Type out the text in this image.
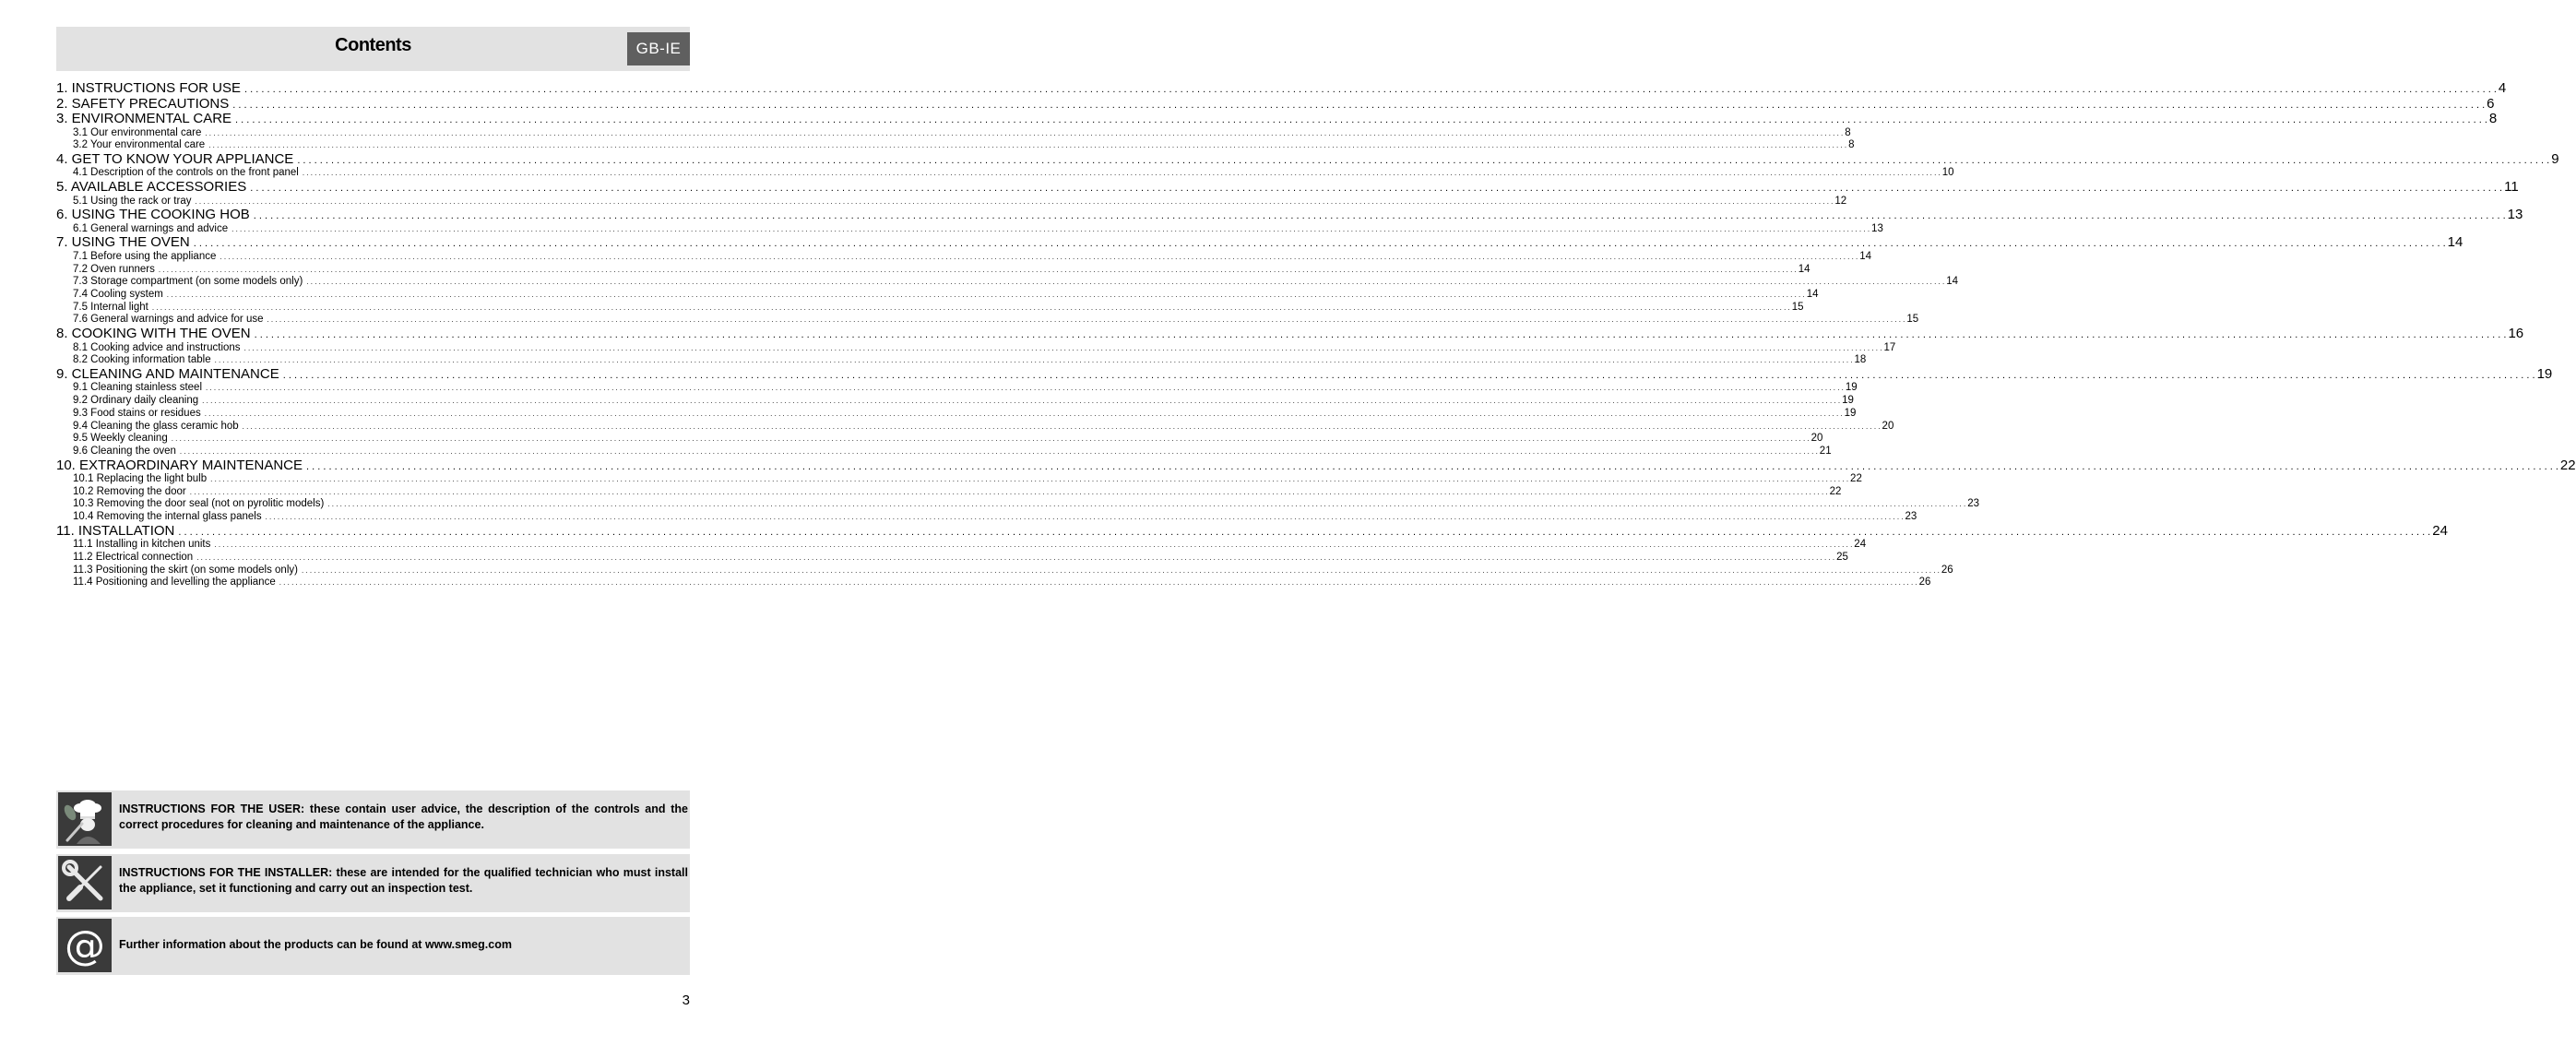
Contents	GB-IE
1. INSTRUCTIONS FOR USE . . . . . . . . . . . . . . . . . . . . . . . . . . . . . . . . . . . . . . . . . . . . . . . . . . . . . . . . . . . . . . . . . . . . . . . . . . . . . . . . . . . . . . . . . . . . . . . . . . . . . . . . . . . . . . . . . . . . . . . . . . . . . . . . . . . . . . . . . . . . . . . . . . . . . . . . . . . . . . . . . . . . . . . . . . . . . . . . . . . . . . . . . . . . . . . . . . . . . . . . . . . . . . . . . . . . . . . . . . . . . . . . . . . . . . . . . . . . . . . . . . . . . . . . . . . . . . . . . . . . . . . . . . . . . . . . . . . . . . . . . . . . . . . . . . . . . . . . . . . . . . . . . . . . . . . . . . . . . . . . . . . . . . . . . . . . . . . . . . . . . . . . . . . . . . . . . . . . . . . . . . . . . . . . . . . . . . . . . . . . . . . . . . . . . . . . . . . . . . . . 4
2. SAFETY PRECAUTIONS . . . . . . . . . . . . . . . . . . . . . . . . . . . . . . . . . . . . . . . . . . . . . . . . . . . . . . . . . . . . . . . . . . . . . . . . . . . . . . . . . . . . . . . . . . . . . . . . . . . . . . . . . . . . . . . . . . . . . . . . . . . . . . . . . . . . . . . . . . . . . . . . . . . . . . . . . . . . . . . . . . . . . . . . . . . . . . . . . . . . . . . . . . . . . . . . . . . . . . . . . . . . . . . . . . . . . . . . . . . . . . . . . . . . . . . . . . . . . . . . . . . . . . . . . . . . . . . . . . . . . . . . . . . . . . . . . . . . . . . . . . . . . . . . . . . . . . . . . . . . . . . . . . . . . . . . . . . . . . . . . . . . . . . . . . . . . . . . . . . . . . . . . . . . . . . . . . . . . . . . . . . . . . . . . . . . . . . . . . . . . . . . . . . . . . . . . . . . . . . . 6
3. ENVIRONMENTAL CARE . . . . . . . . . . . . . . . . . . . . . . . . . . . . . . . . . . . . . . . . . . . . . . . . . . . . . . . . . . . . . . . . . . . . . . . . . . . . . . . . . . . . . . . . . . . . . . . . . . . . . . . . . . . . . . . . . . . . . . . . . . . . . . . . . . . . . . . . . . . . . . . . . . . . . . . . . . . . . . . . . . . . . . . . . . . . . . . . . . . . . . . . . . . . . . . . . . . . . . . . . . . . . . . . . . . . . . . . . . . . . . . . . . . . . . . . . . . . . . . . . . . . . . . . . . . . . . . . . . . . . . . . . . . . . . . . . . . . . . . . . . . . . . . . . . . . . . . . . . . . . . . . . . . . . . . . . . . . . . . . . . . . . . . . . . . . . . . . . . . . . . . . . . . . . . . . . . . . . . . . . . . . . . . . . . . . . . . . . . . . . . . . . . . . . . . . . . . . . . . . 8
3.1 Our environmental care . . . . . . . . . . . . . . . . . . . . . . . . . . . . . . . . . . . . . . . . . . . . . . . . . . . . . . . . . . . . . . . . . . . . . . . . . . . . . . . . . . . . . . . . . . . . . . . . . . . . . . . . . . . . . . . . . . . . . . . . . . . . . . . . . . . . . . . . . . . . . . . . . . . . . . . . . . . . . . . . . . . . . . . . . . . . . . . . . . . . . . . . . . . . . . . . . . . . . . . . . . . . . . . . . . . . . . . . . . . . . . . . . . . . . . . . . . . . . . . . . . . . . . . . . . . . . . . . . . . . . . . . . . . . . . . . . . . . . . . . . . . . . . . . . . . . . . . . . . . . . . . . . . . . . . . . . . . . . . . . . . . . . . . . . . . . . . . . . . . . . . . . . . . . . . . . . . . . . . . . . . . . . . . . . . . . . . . . . . . . . . . . . . . . . . . . . . . . . . . . 8
3.2 Your environmental care . . . . . . . . . . . . . . . . . . . . . . . . . . . . . . . . . . . . . . . . . . . . . . . . . . . . . . . . . . . . . . . . . . . . . . . . . . . . . . . . . . . . . . . . . . . . . . . . . . . . . . . . . . . . . . . . . . . . . . . . . . . . . . . . . . . . . . . . . . . . . . . . . . . . . . . . . . . . . . . . . . . . . . . . . . . . . . . . . . . . . . . . . . . . . . . . . . . . . . . . . . . . . . . . . . . . . . . . . . . . . . . . . . . . . . . . . . . . . . . . . . . . . . . . . . . . . . . . . . . . . . . . . . . . . . . . . . . . . . . . . . . . . . . . . . . . . . . . . . . . . . . . . . . . . . . . . . . . . . . . . . . . . . . . . . . . . . . . . . . . . . . . . . . . . . . . . . . . . . . . . . . . . . . . . . . . . . . . . . . . . . . . . . . . . . . . . . . . . . . . 8
4. GET TO KNOW YOUR APPLIANCE . . . . . . . . . . . . . . . . . . . . . . . . . . . . . . . . . . . . . . . . . . . . . . . . . . . . . . . . . . . . . . . . . . . . . . . . . . . . . . . . . . . . . . . . . . . . . . . . . . . . . . . . . . . . . . . . . . . . . . . . . . . . . . . . . . . . . . . . . . . . . . . . . . . . . . . . . . . . . . . . . . . . . . . . . . . . . . . . . . . . . . . . . . . . . . . . . . . . . . . . . . . . . . . . . . . . . . . . . . . . . . . . . . . . . . . . . . . . . . . . . . . . . . . . . . . . . . . . . . . . . . . . . . . . . . . . . . . . . . . . . . . . . . . . . . . . . . . . . . . . . . . . . . . . . . . . . . . . . . . . . . . . . . . . . . . . . . . . . . . . . . . . . . . . . . . . . . . . . . . . . . . . . . . . . . . . . . . . . . . . . . . . . . . . . . . . . . . . . . . . 9
4.1 Description of the controls on the front panel . . . . . . . . . . . . . . . . . . . . . . . . . . . . . . . . . . . . . . . . . . . . . . . . . . . . . . . . . . . . . . . . . . . . . . . . . . . . . . . . . . . . . . . . . . . . . . . . . . . . . . . . . . . . . . . . . . . . . . . . . . . . . . . . . . . . . . . . . . . . . . . . . . . . . . . . . . . . . . . . . . . . . . . . . . . . . . . . . . . . . . . . . . . . . . . . . . . . . . . . . . . . . . . . . . . . . . . . . . . . . . . . . . . . . . . . . . . . . . . . . . . . . . . . . . . . . . . . . . . . . . . . . . . . . . . . . . . . . . . . . . . . . . . . . . . . . . . . . . . . . . . . . . . . . . . . . . . . . . . . . . . . . . . . . . . . . . . . . . . . . . . . . . . . . . . . . . . . . . . . . . . . . . . . . . . . . . . . . . . . . . . . . . . . . . . . . . . . . . . . 10
5. AVAILABLE ACCESSORIES . . . . . . . . . . . . . . . . . . . . . . . . . . . . . . . . . . . . . . . . . . . . . . . . . . . . . . . . . . . . . . . . . . . . . . . . . . . . . . . . . . . . . . . . . . . . . . . . . . . . . . . . . . . . . . . . . . . . . . . . . . . . . . . . . . . . . . . . . . . . . . . . . . . . . . . . . . . . . . . . . . . . . . . . . . . . . . . . . . . . . . . . . . . . . . . . . . . . . . . . . . . . . . . . . . . . . . . . . . . . . . . . . . . . . . . . . . . . . . . . . . . . . . . . . . . . . . . . . . . . . . . . . . . . . . . . . . . . . . . . . . . . . . . . . . . . . . . . . . . . . . . . . . . . . . . . . . . . . . . . . . . . . . . . . . . . . . . . . . . . . . . . . . . . . . . . . . . . . . . . . . . . . . . . . . . . . . . . . . . . . . . . . . . . . . . . . . . . . . . . 11
5.1 Using the rack or tray . . . . . . . . . . . . . . . . . . . . . . . . . . . . . . . . . . . . . . . . . . . . . . . . . . . . . . . . . . . . . . . . . . . . . . . . . . . . . . . . . . . . . . . . . . . . . . . . . . . . . . . . . . . . . . . . . . . . . . . . . . . . . . . . . . . . . . . . . . . . . . . . . . . . . . . . . . . . . . . . . . . . . . . . . . . . . . . . . . . . . . . . . . . . . . . . . . . . . . . . . . . . . . . . . . . . . . . . . . . . . . . . . . . . . . . . . . . . . . . . . . . . . . . . . . . . . . . . . . . . . . . . . . . . . . . . . . . . . . . . . . . . . . . . . . . . . . . . . . . . . . . . . . . . . . . . . . . . . . . . . . . . . . . . . . . . . . . . . . . . . . . . . . . . . . . . . . . . . . . . . . . . . . . . . . . . . . . . . . . . . . . . . . . . . . . . . . . . . . . . 12
6. USING THE COOKING HOB . . . . . . . . . . . . . . . . . . . . . . . . . . . . . . . . . . . . . . . . . . . . . . . . . . . . . . . . . . . . . . . . . . . . . . . . . . . . . . . . . . . . . . . . . . . . . . . . . . . . . . . . . . . . . . . . . . . . . . . . . . . . . . . . . . . . . . . . . . . . . . . . . . . . . . . . . . . . . . . . . . . . . . . . . . . . . . . . . . . . . . . . . . . . . . . . . . . . . . . . . . . . . . . . . . . . . . . . . . . . . . . . . . . . . . . . . . . . . . . . . . . . . . . . . . . . . . . . . . . . . . . . . . . . . . . . . . . . . . . . . . . . . . . . . . . . . . . . . . . . . . . . . . . . . . . . . . . . . . . . . . . . . . . . . . . . . . . . . . . . . . . . . . . . . . . . . . . . . . . . . . . . . . . . . . . . . . . . . . . . . . . . . . . . . . . . . . . . . . . . 13
6.1 General warnings and advice . . . . . . . . . . . . . . . . . . . . . . . . . . . . . . . . . . . . . . . . . . . . . . . . . . . . . . . . . . . . . . . . . . . . . . . . . . . . . . . . . . . . . . . . . . . . . . . . . . . . . . . . . . . . . . . . . . . . . . . . . . . . . . . . . . . . . . . . . . . . . . . . . . . . . . . . . . . . . . . . . . . . . . . . . . . . . . . . . . . . . . . . . . . . . . . . . . . . . . . . . . . . . . . . . . . . . . . . . . . . . . . . . . . . . . . . . . . . . . . . . . . . . . . . . . . . . . . . . . . . . . . . . . . . . . . . . . . . . . . . . . . . . . . . . . . . . . . . . . . . . . . . . . . . . . . . . . . . . . . . . . . . . . . . . . . . . . . . . . . . . . . . . . . . . . . . . . . . . . . . . . . . . . . . . . . . . . . . . . . . . . . . . . . . . . . . . . . . . . . . 13
7. USING THE OVEN . . . . . . . . . . . . . . . . . . . . . . . . . . . . . . . . . . . . . . . . . . . . . . . . . . . . . . . . . . . . . . . . . . . . . . . . . . . . . . . . . . . . . . . . . . . . . . . . . . . . . . . . . . . . . . . . . . . . . . . . . . . . . . . . . . . . . . . . . . . . . . . . . . . . . . . . . . . . . . . . . . . . . . . . . . . . . . . . . . . . . . . . . . . . . . . . . . . . . . . . . . . . . . . . . . . . . . . . . . . . . . . . . . . . . . . . . . . . . . . . . . . . . . . . . . . . . . . . . . . . . . . . . . . . . . . . . . . . . . . . . . . . . . . . . . . . . . . . . . . . . . . . . . . . . . . . . . . . . . . . . . . . . . . . . . . . . . . . . . . . . . . . . . . . . . . . . . . . . . . . . . . . . . . . . . . . . . . . . . . . . . . . . . . . . . . . . . . . . . . . 14
7.1 Before using the appliance . . . . . . . . . . . . . . . . . . . . . . . . . . . . . . . . . . . . . . . . . . . . . . . . . . . . . . . . . . . . . . . . . . . . . . . . . . . . . . . . . . . . . . . . . . . . . . . . . . . . . . . . . . . . . . . . . . . . . . . . . . . . . . . . . . . . . . . . . . . . . . . . . . . . . . . . . . . . . . . . . . . . . . . . . . . . . . . . . . . . . . . . . . . . . . . . . . . . . . . . . . . . . . . . . . . . . . . . . . . . . . . . . . . . . . . . . . . . . . . . . . . . . . . . . . . . . . . . . . . . . . . . . . . . . . . . . . . . . . . . . . . . . . . . . . . . . . . . . . . . . . . . . . . . . . . . . . . . . . . . . . . . . . . . . . . . . . . . . . . . . . . . . . . . . . . . . . . . . . . . . . . . . . . . . . . . . . . . . . . . . . . . . . . . . . . . . . . . . . . . 14
7.2 Oven runners . . . . . . . . . . . . . . . . . . . . . . . . . . . . . . . . . . . . . . . . . . . . . . . . . . . . . . . . . . . . . . . . . . . . . . . . . . . . . . . . . . . . . . . . . . . . . . . . . . . . . . . . . . . . . . . . . . . . . . . . . . . . . . . . . . . . . . . . . . . . . . . . . . . . . . . . . . . . . . . . . . . . . . . . . . . . . . . . . . . . . . . . . . . . . . . . . . . . . . . . . . . . . . . . . . . . . . . . . . . . . . . . . . . . . . . . . . . . . . . . . . . . . . . . . . . . . . . . . . . . . . . . . . . . . . . . . . . . . . . . . . . . . . . . . . . . . . . . . . . . . . . . . . . . . . . . . . . . . . . . . . . . . . . . . . . . . . . . . . . . . . . . . . . . . . . . . . . . . . . . . . . . . . . . . . . . . . . . . . . . . . . . . . . . . . . . . . . . . . . . 14
7.3 Storage compartment (on some models only) . . . . . . . . . . . . . . . . . . . . . . . . . . . . . . . . . . . . . . . . . . . . . . . . . . . . . . . . . . . . . . . . . . . . . . . . . . . . . . . . . . . . . . . . . . . . . . . . . . . . . . . . . . . . . . . . . . . . . . . . . . . . . . . . . . . . . . . . . . . . . . . . . . . . . . . . . . . . . . . . . . . . . . . . . . . . . . . . . . . . . . . . . . . . . . . . . . . . . . . . . . . . . . . . . . . . . . . . . . . . . . . . . . . . . . . . . . . . . . . . . . . . . . . . . . . . . . . . . . . . . . . . . . . . . . . . . . . . . . . . . . . . . . . . . . . . . . . . . . . . . . . . . . . . . . . . . . . . . . . . . . . . . . . . . . . . . . . . . . . . . . . . . . . . . . . . . . . . . . . . . . . . . . . . . . . . . . . . . . . . . . . . . . . . . . . . . . . . . . . . 14
7.4 Cooling system . . . . . . . . . . . . . . . . . . . . . . . . . . . . . . . . . . . . . . . . . . . . . . . . . . . . . . . . . . . . . . . . . . . . . . . . . . . . . . . . . . . . . . . . . . . . . . . . . . . . . . . . . . . . . . . . . . . . . . . . . . . . . . . . . . . . . . . . . . . . . . . . . . . . . . . . . . . . . . . . . . . . . . . . . . . . . . . . . . . . . . . . . . . . . . . . . . . . . . . . . . . . . . . . . . . . . . . . . . . . . . . . . . . . . . . . . . . . . . . . . . . . . . . . . . . . . . . . . . . . . . . . . . . . . . . . . . . . . . . . . . . . . . . . . . . . . . . . . . . . . . . . . . . . . . . . . . . . . . . . . . . . . . . . . . . . . . . . . . . . . . . . . . . . . . . . . . . . . . . . . . . . . . . . . . . . . . . . . . . . . . . . . . . . . . . . . . . . . . . . 14
7.5 Internal light . . . . . . . . . . . . . . . . . . . . . . . . . . . . . . . . . . . . . . . . . . . . . . . . . . . . . . . . . . . . . . . . . . . . . . . . . . . . . . . . . . . . . . . . . . . . . . . . . . . . . . . . . . . . . . . . . . . . . . . . . . . . . . . . . . . . . . . . . . . . . . . . . . . . . . . . . . . . . . . . . . . . . . . . . . . . . . . . . . . . . . . . . . . . . . . . . . . . . . . . . . . . . . . . . . . . . . . . . . . . . . . . . . . . . . . . . . . . . . . . . . . . . . . . . . . . . . . . . . . . . . . . . . . . . . . . . . . . . . . . . . . . . . . . . . . . . . . . . . . . . . . . . . . . . . . . . . . . . . . . . . . . . . . . . . . . . . . . . . . . . . . . . . . . . . . . . . . . . . . . . . . . . . . . . . . . . . . . . . . . . . . . . . . . . . . . . . . . . . . . 15
7.6 General warnings and advice for use . . . . . . . . . . . . . . . . . . . . . . . . . . . . . . . . . . . . . . . . . . . . . . . . . . . . . . . . . . . . . . . . . . . . . . . . . . . . . . . . . . . . . . . . . . . . . . . . . . . . . . . . . . . . . . . . . . . . . . . . . . . . . . . . . . . . . . . . . . . . . . . . . . . . . . . . . . . . . . . . . . . . . . . . . . . . . . . . . . . . . . . . . . . . . . . . . . . . . . . . . . . . . . . . . . . . . . . . . . . . . . . . . . . . . . . . . . . . . . . . . . . . . . . . . . . . . . . . . . . . . . . . . . . . . . . . . . . . . . . . . . . . . . . . . . . . . . . . . . . . . . . . . . . . . . . . . . . . . . . . . . . . . . . . . . . . . . . . . . . . . . . . . . . . . . . . . . . . . . . . . . . . . . . . . . . . . . . . . . . . . . . . . . . . . . . . . . . . . . . . 15
8. COOKING WITH THE OVEN . . . . . . . . . . . . . . . . . . . . . . . . . . . . . . . . . . . . . . . . . . . . . . . . . . . . . . . . . . . . . . . . . . . . . . . . . . . . . . . . . . . . . . . . . . . . . . . . . . . . . . . . . . . . . . . . . . . . . . . . . . . . . . . . . . . . . . . . . . . . . . . . . . . . . . . . . . . . . . . . . . . . . . . . . . . . . . . . . . . . . . . . . . . . . . . . . . . . . . . . . . . . . . . . . . . . . . . . . . . . . . . . . . . . . . . . . . . . . . . . . . . . . . . . . . . . . . . . . . . . . . . . . . . . . . . . . . . . . . . . . . . . . . . . . . . . . . . . . . . . . . . . . . . . . . . . . . . . . . . . . . . . . . . . . . . . . . . . . . . . . . . . . . . . . . . . . . . . . . . . . . . . . . . . . . . . . . . . . . . . . . . . . . . . . . . . . . . . . . . . 16
8.1 Cooking advice and instructions . . . . . . . . . . . . . . . . . . . . . . . . . . . . . . . . . . . . . . . . . . . . . . . . . . . . . . . . . . . . . . . . . . . . . . . . . . . . . . . . . . . . . . . . . . . . . . . . . . . . . . . . . . . . . . . . . . . . . . . . . . . . . . . . . . . . . . . . . . . . . . . . . . . . . . . . . . . . . . . . . . . . . . . . . . . . . . . . . . . . . . . . . . . . . . . . . . . . . . . . . . . . . . . . . . . . . . . . . . . . . . . . . . . . . . . . . . . . . . . . . . . . . . . . . . . . . . . . . . . . . . . . . . . . . . . . . . . . . . . . . . . . . . . . . . . . . . . . . . . . . . . . . . . . . . . . . . . . . . . . . . . . . . . . . . . . . . . . . . . . . . . . . . . . . . . . . . . . . . . . . . . . . . . . . . . . . . . . . . . . . . . . . . . . . . . . . . . . . . . . 17
8.2 Cooking information table . . . . . . . . . . . . . . . . . . . . . . . . . . . . . . . . . . . . . . . . . . . . . . . . . . . . . . . . . . . . . . . . . . . . . . . . . . . . . . . . . . . . . . . . . . . . . . . . . . . . . . . . . . . . . . . . . . . . . . . . . . . . . . . . . . . . . . . . . . . . . . . . . . . . . . . . . . . . . . . . . . . . . . . . . . . . . . . . . . . . . . . . . . . . . . . . . . . . . . . . . . . . . . . . . . . . . . . . . . . . . . . . . . . . . . . . . . . . . . . . . . . . . . . . . . . . . . . . . . . . . . . . . . . . . . . . . . . . . . . . . . . . . . . . . . . . . . . . . . . . . . . . . . . . . . . . . . . . . . . . . . . . . . . . . . . . . . . . . . . . . . . . . . . . . . . . . . . . . . . . . . . . . . . . . . . . . . . . . . . . . . . . . . . . . . . . . . . . . . . . 18
9. CLEANING AND MAINTENANCE . . . . . . . . . . . . . . . . . . . . . . . . . . . . . . . . . . . . . . . . . . . . . . . . . . . . . . . . . . . . . . . . . . . . . . . . . . . . . . . . . . . . . . . . . . . . . . . . . . . . . . . . . . . . . . . . . . . . . . . . . . . . . . . . . . . . . . . . . . . . . . . . . . . . . . . . . . . . . . . . . . . . . . . . . . . . . . . . . . . . . . . . . . . . . . . . . . . . . . . . . . . . . . . . . . . . . . . . . . . . . . . . . . . . . . . . . . . . . . . . . . . . . . . . . . . . . . . . . . . . . . . . . . . . . . . . . . . . . . . . . . . . . . . . . . . . . . . . . . . . . . . . . . . . . . . . . . . . . . . . . . . . . . . . . . . . . . . . . . . . . . . . . . . . . . . . . . . . . . . . . . . . . . . . . . . . . . . . . . . . . . . . . . . . . . . . . . . . . . . . 19
9.1 Cleaning stainless steel . . . . . . . . . . . . . . . . . . . . . . . . . . . . . . . . . . . . . . . . . . . . . . . . . . . . . . . . . . . . . . . . . . . . . . . . . . . . . . . . . . . . . . . . . . . . . . . . . . . . . . . . . . . . . . . . . . . . . . . . . . . . . . . . . . . . . . . . . . . . . . . . . . . . . . . . . . . . . . . . . . . . . . . . . . . . . . . . . . . . . . . . . . . . . . . . . . . . . . . . . . . . . . . . . . . . . . . . . . . . . . . . . . . . . . . . . . . . . . . . . . . . . . . . . . . . . . . . . . . . . . . . . . . . . . . . . . . . . . . . . . . . . . . . . . . . . . . . . . . . . . . . . . . . . . . . . . . . . . . . . . . . . . . . . . . . . . . . . . . . . . . . . . . . . . . . . . . . . . . . . . . . . . . . . . . . . . . . . . . . . . . . . . . . . . . . . . . . . . . . 19
9.2 Ordinary daily cleaning . . . . . . . . . . . . . . . . . . . . . . . . . . . . . . . . . . . . . . . . . . . . . . . . . . . . . . . . . . . . . . . . . . . . . . . . . . . . . . . . . . . . . . . . . . . . . . . . . . . . . . . . . . . . . . . . . . . . . . . . . . . . . . . . . . . . . . . . . . . . . . . . . . . . . . . . . . . . . . . . . . . . . . . . . . . . . . . . . . . . . . . . . . . . . . . . . . . . . . . . . . . . . . . . . . . . . . . . . . . . . . . . . . . . . . . . . . . . . . . . . . . . . . . . . . . . . . . . . . . . . . . . . . . . . . . . . . . . . . . . . . . . . . . . . . . . . . . . . . . . . . . . . . . . . . . . . . . . . . . . . . . . . . . . . . . . . . . . . . . . . . . . . . . . . . . . . . . . . . . . . . . . . . . . . . . . . . . . . . . . . . . . . . . . . . . . . . . . . . . . 19
9.3 Food stains or residues . . . . . . . . . . . . . . . . . . . . . . . . . . . . . . . . . . . . . . . . . . . . . . . . . . . . . . . . . . . . . . . . . . . . . . . . . . . . . . . . . . . . . . . . . . . . . . . . . . . . . . . . . . . . . . . . . . . . . . . . . . . . . . . . . . . . . . . . . . . . . . . . . . . . . . . . . . . . . . . . . . . . . . . . . . . . . . . . . . . . . . . . . . . . . . . . . . . . . . . . . . . . . . . . . . . . . . . . . . . . . . . . . . . . . . . . . . . . . . . . . . . . . . . . . . . . . . . . . . . . . . . . . . . . . . . . . . . . . . . . . . . . . . . . . . . . . . . . . . . . . . . . . . . . . . . . . . . . . . . . . . . . . . . . . . . . . . . . . . . . . . . . . . . . . . . . . . . . . . . . . . . . . . . . . . . . . . . . . . . . . . . . . . . . . . . . . . . . . . . . 19
9.4 Cleaning the glass ceramic hob . . . . . . . . . . . . . . . . . . . . . . . . . . . . . . . . . . . . . . . . . . . . . . . . . . . . . . . . . . . . . . . . . . . . . . . . . . . . . . . . . . . . . . . . . . . . . . . . . . . . . . . . . . . . . . . . . . . . . . . . . . . . . . . . . . . . . . . . . . . . . . . . . . . . . . . . . . . . . . . . . . . . . . . . . . . . . . . . . . . . . . . . . . . . . . . . . . . . . . . . . . . . . . . . . . . . . . . . . . . . . . . . . . . . . . . . . . . . . . . . . . . . . . . . . . . . . . . . . . . . . . . . . . . . . . . . . . . . . . . . . . . . . . . . . . . . . . . . . . . . . . . . . . . . . . . . . . . . . . . . . . . . . . . . . . . . . . . . . . . . . . . . . . . . . . . . . . . . . . . . . . . . . . . . . . . . . . . . . . . . . . . . . . . . . . . . . . . . . . . . 20
9.5 Weekly cleaning . . . . . . . . . . . . . . . . . . . . . . . . . . . . . . . . . . . . . . . . . . . . . . . . . . . . . . . . . . . . . . . . . . . . . . . . . . . . . . . . . . . . . . . . . . . . . . . . . . . . . . . . . . . . . . . . . . . . . . . . . . . . . . . . . . . . . . . . . . . . . . . . . . . . . . . . . . . . . . . . . . . . . . . . . . . . . . . . . . . . . . . . . . . . . . . . . . . . . . . . . . . . . . . . . . . . . . . . . . . . . . . . . . . . . . . . . . . . . . . . . . . . . . . . . . . . . . . . . . . . . . . . . . . . . . . . . . . . . . . . . . . . . . . . . . . . . . . . . . . . . . . . . . . . . . . . . . . . . . . . . . . . . . . . . . . . . . . . . . . . . . . . . . . . . . . . . . . . . . . . . . . . . . . . . . . . . . . . . . . . . . . . . . . . . . . . . . . . . . . . 20
9.6 Cleaning the oven . . . . . . . . . . . . . . . . . . . . . . . . . . . . . . . . . . . . . . . . . . . . . . . . . . . . . . . . . . . . . . . . . . . . . . . . . . . . . . . . . . . . . . . . . . . . . . . . . . . . . . . . . . . . . . . . . . . . . . . . . . . . . . . . . . . . . . . . . . . . . . . . . . . . . . . . . . . . . . . . . . . . . . . . . . . . . . . . . . . . . . . . . . . . . . . . . . . . . . . . . . . . . . . . . . . . . . . . . . . . . . . . . . . . . . . . . . . . . . . . . . . . . . . . . . . . . . . . . . . . . . . . . . . . . . . . . . . . . . . . . . . . . . . . . . . . . . . . . . . . . . . . . . . . . . . . . . . . . . . . . . . . . . . . . . . . . . . . . . . . . . . . . . . . . . . . . . . . . . . . . . . . . . . . . . . . . . . . . . . . . . . . . . . . . . . . . . . . . . . . 21
10. EXTRAORDINARY MAINTENANCE . . . . . . . . . . . . . . . . . . . . . . . . . . . . . . . . . . . . . . . . . . . . . . . . . . . . . . . . . . . . . . . . . . . . . . . . . . . . . . . . . . . . . . . . . . . . . . . . . . . . . . . . . . . . . . . . . . . . . . . . . . . . . . . . . . . . . . . . . . . . . . . . . . . . . . . . . . . . . . . . . . . . . . . . . . . . . . . . . . . . . . . . . . . . . . . . . . . . . . . . . . . . . . . . . . . . . . . . . . . . . . . . . . . . . . . . . . . . . . . . . . . . . . . . . . . . . . . . . . . . . . . . . . . . . . . . . . . . . . . . . . . . . . . . . . . . . . . . . . . . . . . . . . . . . . . . . . . . . . . . . . . . . . . . . . . . . . . . . . . . . . . . . . . . . . . . . . . . . . . . . . . . . . . . . . . . . . . . . . . . . . . . . . . . . . . . . . . . . . . . 22
10.1 Replacing the light bulb . . . . . . . . . . . . . . . . . . . . . . . . . . . . . . . . . . . . . . . . . . . . . . . . . . . . . . . . . . . . . . . . . . . . . . . . . . . . . . . . . . . . . . . . . . . . . . . . . . . . . . . . . . . . . . . . . . . . . . . . . . . . . . . . . . . . . . . . . . . . . . . . . . . . . . . . . . . . . . . . . . . . . . . . . . . . . . . . . . . . . . . . . . . . . . . . . . . . . . . . . . . . . . . . . . . . . . . . . . . . . . . . . . . . . . . . . . . . . . . . . . . . . . . . . . . . . . . . . . . . . . . . . . . . . . . . . . . . . . . . . . . . . . . . . . . . . . . . . . . . . . . . . . . . . . . . . . . . . . . . . . . . . . . . . . . . . . . . . . . . . . . . . . . . . . . . . . . . . . . . . . . . . . . . . . . . . . . . . . . . . . . . . . . . . . . . . . . . . . . . 22
10.2 Removing the door . . . . . . . . . . . . . . . . . . . . . . . . . . . . . . . . . . . . . . . . . . . . . . . . . . . . . . . . . . . . . . . . . . . . . . . . . . . . . . . . . . . . . . . . . . . . . . . . . . . . . . . . . . . . . . . . . . . . . . . . . . . . . . . . . . . . . . . . . . . . . . . . . . . . . . . . . . . . . . . . . . . . . . . . . . . . . . . . . . . . . . . . . . . . . . . . . . . . . . . . . . . . . . . . . . . . . . . . . . . . . . . . . . . . . . . . . . . . . . . . . . . . . . . . . . . . . . . . . . . . . . . . . . . . . . . . . . . . . . . . . . . . . . . . . . . . . . . . . . . . . . . . . . . . . . . . . . . . . . . . . . . . . . . . . . . . . . . . . . . . . . . . . . . . . . . . . . . . . . . . . . . . . . . . . . . . . . . . . . . . . . . . . . . . . . . . . . . . . . . . 22
10.3 Removing the door seal (not on pyrolitic models) . . . . . . . . . . . . . . . . . . . . . . . . . . . . . . . . . . . . . . . . . . . . . . . . . . . . . . . . . . . . . . . . . . . . . . . . . . . . . . . . . . . . . . . . . . . . . . . . . . . . . . . . . . . . . . . . . . . . . . . . . . . . . . . . . . . . . . . . . . . . . . . . . . . . . . . . . . . . . . . . . . . . . . . . . . . . . . . . . . . . . . . . . . . . . . . . . . . . . . . . . . . . . . . . . . . . . . . . . . . . . . . . . . . . . . . . . . . . . . . . . . . . . . . . . . . . . . . . . . . . . . . . . . . . . . . . . . . . . . . . . . . . . . . . . . . . . . . . . . . . . . . . . . . . . . . . . . . . . . . . . . . . . . . . . . . . . . . . . . . . . . . . . . . . . . . . . . . . . . . . . . . . . . . . . . . . . . . . . . . . . . . . . . . . . . . . . . . . . . . . 23
10.4 Removing the internal glass panels . . . . . . . . . . . . . . . . . . . . . . . . . . . . . . . . . . . . . . . . . . . . . . . . . . . . . . . . . . . . . . . . . . . . . . . . . . . . . . . . . . . . . . . . . . . . . . . . . . . . . . . . . . . . . . . . . . . . . . . . . . . . . . . . . . . . . . . . . . . . . . . . . . . . . . . . . . . . . . . . . . . . . . . . . . . . . . . . . . . . . . . . . . . . . . . . . . . . . . . . . . . . . . . . . . . . . . . . . . . . . . . . . . . . . . . . . . . . . . . . . . . . . . . . . . . . . . . . . . . . . . . . . . . . . . . . . . . . . . . . . . . . . . . . . . . . . . . . . . . . . . . . . . . . . . . . . . . . . . . . . . . . . . . . . . . . . . . . . . . . . . . . . . . . . . . . . . . . . . . . . . . . . . . . . . . . . . . . . . . . . . . . . . . . . . . . . . . . . . . . 23
11. INSTALLATION . . . . . . . . . . . . . . . . . . . . . . . . . . . . . . . . . . . . . . . . . . . . . . . . . . . . . . . . . . . . . . . . . . . . . . . . . . . . . . . . . . . . . . . . . . . . . . . . . . . . . . . . . . . . . . . . . . . . . . . . . . . . . . . . . . . . . . . . . . . . . . . . . . . . . . . . . . . . . . . . . . . . . . . . . . . . . . . . . . . . . . . . . . . . . . . . . . . . . . . . . . . . . . . . . . . . . . . . . . . . . . . . . . . . . . . . . . . . . . . . . . . . . . . . . . . . . . . . . . . . . . . . . . . . . . . . . . . . . . . . . . . . . . . . . . . . . . . . . . . . . . . . . . . . . . . . . . . . . . . . . . . . . . . . . . . . . . . . . . . . . . . . . . . . . . . . . . . . . . . . . . . . . . . . . . . . . . . . . . . . . . . . . . . . . . . . . . . . . . . . 24
11.1 Installing in kitchen units . . . . . . . . . . . . . . . . . . . . . . . . . . . . . . . . . . . . . . . . . . . . . . . . . . . . . . . . . . . . . . . . . . . . . . . . . . . . . . . . . . . . . . . . . . . . . . . . . . . . . . . . . . . . . . . . . . . . . . . . . . . . . . . . . . . . . . . . . . . . . . . . . . . . . . . . . . . . . . . . . . . . . . . . . . . . . . . . . . . . . . . . . . . . . . . . . . . . . . . . . . . . . . . . . . . . . . . . . . . . . . . . . . . . . . . . . . . . . . . . . . . . . . . . . . . . . . . . . . . . . . . . . . . . . . . . . . . . . . . . . . . . . . . . . . . . . . . . . . . . . . . . . . . . . . . . . . . . . . . . . . . . . . . . . . . . . . . . . . . . . . . . . . . . . . . . . . . . . . . . . . . . . . . . . . . . . . . . . . . . . . . . . . . . . . . . . . . . . . . . 24
11.2 Electrical connection . . . . . . . . . . . . . . . . . . . . . . . . . . . . . . . . . . . . . . . . . . . . . . . . . . . . . . . . . . . . . . . . . . . . . . . . . . . . . . . . . . . . . . . . . . . . . . . . . . . . . . . . . . . . . . . . . . . . . . . . . . . . . . . . . . . . . . . . . . . . . . . . . . . . . . . . . . . . . . . . . . . . . . . . . . . . . . . . . . . . . . . . . . . . . . . . . . . . . . . . . . . . . . . . . . . . . . . . . . . . . . . . . . . . . . . . . . . . . . . . . . . . . . . . . . . . . . . . . . . . . . . . . . . . . . . . . . . . . . . . . . . . . . . . . . . . . . . . . . . . . . . . . . . . . . . . . . . . . . . . . . . . . . . . . . . . . . . . . . . . . . . . . . . . . . . . . . . . . . . . . . . . . . . . . . . . . . . . . . . . . . . . . . . . . . . . . . . . . . . . 25
11.3 Positioning the skirt (on some models only) . . . . . . . . . . . . . . . . . . . . . . . . . . . . . . . . . . . . . . . . . . . . . . . . . . . . . . . . . . . . . . . . . . . . . . . . . . . . . . . . . . . . . . . . . . . . . . . . . . . . . . . . . . . . . . . . . . . . . . . . . . . . . . . . . . . . . . . . . . . . . . . . . . . . . . . . . . . . . . . . . . . . . . . . . . . . . . . . . . . . . . . . . . . . . . . . . . . . . . . . . . . . . . . . . . . . . . . . . . . . . . . . . . . . . . . . . . . . . . . . . . . . . . . . . . . . . . . . . . . . . . . . . . . . . . . . . . . . . . . . . . . . . . . . . . . . . . . . . . . . . . . . . . . . . . . . . . . . . . . . . . . . . . . . . . . . . . . . . . . . . . . . . . . . . . . . . . . . . . . . . . . . . . . . . . . . . . . . . . . . . . . . . . . . . . . . . . . . . . . . 26
11.4 Positioning and levelling the appliance . . . . . . . . . . . . . . . . . . . . . . . . . . . . . . . . . . . . . . . . . . . . . . . . . . . . . . . . . . . . . . . . . . . . . . . . . . . . . . . . . . . . . . . . . . . . . . . . . . . . . . . . . . . . . . . . . . . . . . . . . . . . . . . . . . . . . . . . . . . . . . . . . . . . . . . . . . . . . . . . . . . . . . . . . . . . . . . . . . . . . . . . . . . . . . . . . . . . . . . . . . . . . . . . . . . . . . . . . . . . . . . . . . . . . . . . . . . . . . . . . . . . . . . . . . . . . . . . . . . . . . . . . . . . . . . . . . . . . . . . . . . . . . . . . . . . . . . . . . . . . . . . . . . . . . . . . . . . . . . . . . . . . . . . . . . . . . . . . . . . . . . . . . . . . . . . . . . . . . . . . . . . . . . . . . . . . . . . . . . . . . . . . . . . . . . . . . . . . . . . 26
INSTRUCTIONS FOR THE USER: these contain user advice, the description of the controls and the correct procedures for cleaning and maintenance of the appliance.
INSTRUCTIONS FOR THE INSTALLER: these are intended for the qualified technician who must install the appliance, set it functioning and carry out an inspection test.
@ Further information about the products can be found at www.smeg.com
3
